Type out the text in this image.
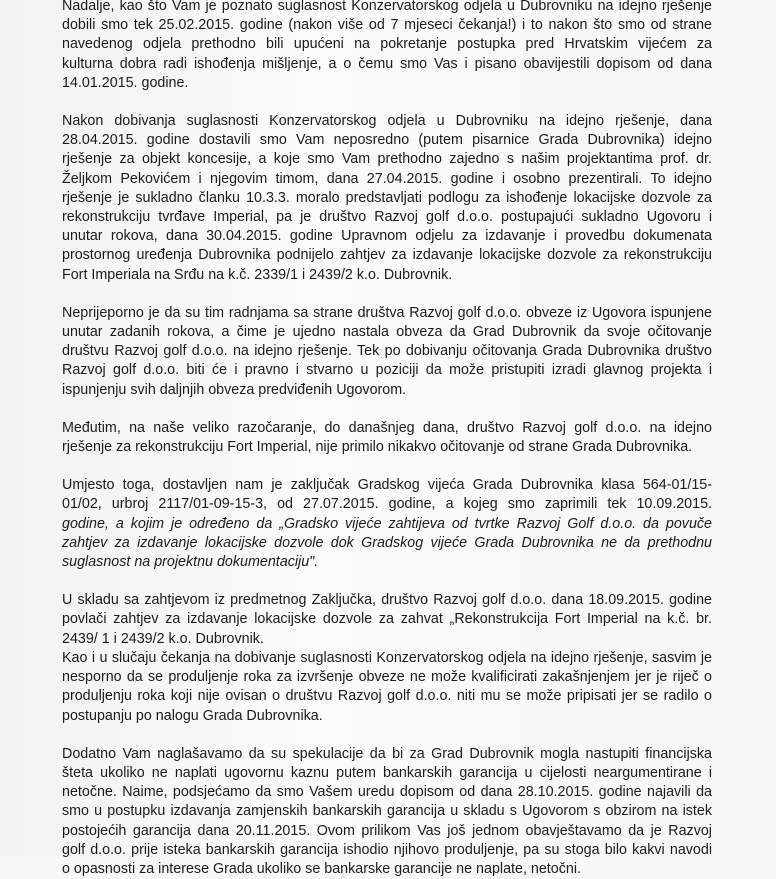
Nadalje, kao što Vam je poznato suglasnost Konzervatorskog odjela u Dubrovniku na idejno rješenje
dobili smo tek 25.02.2015. godine (nakon više od 7 mjeseci čekanja!) i to nakon što smo od strane
navedenog odjela prethodno bili upućeni na pokretanje postupka pred Hrvatskim vijećem za
kulturna dobra radi ishođenja mišljenje, a o čemu smo Vas i pisano obavijestili dopisom od dana
14.01.2015. godine.

Nakon dobivanja suglasnosti Konzervatorskog odjela u Dubrovniku na idejno rješenje, dana
28.04.2015. godine dostavili smo Vam neposredno (putem pisarnice Grada Dubrovnika) idejno
rješenje za objekt koncesije, a koje smo Vam prethodno zajedno s našim projektantima prof. dr.
Željkom Pekovićem i njegovim timom, dana 27.04.2015. godine i osobno prezentirali. To idejno
rješenje je sukladno članku 10.3.3. moralo predstavljati podlogu za ishođenje lokacijske dozvole za
rekonstrukciju tvrđave Imperial, pa je društvo Razvoj golf d.o.o. postupajući sukladno Ugovoru i
unutar rokova, dana 30.04.2015. godine Upravnom odjelu za izdavanje i provedbu dokumenata
prostornog uređenja Dubrovnika podnijelo zahtjev za izdavanje lokacijske dozvole za rekonstrukciju
Fort Imperiala na Srđu na k.č. 2339/1 i 2439/2 k.o. Dubrovnik.

Neprijeporno je da su tim radnjama sa strane društva Razvoj golf d.o.o. obveze iz Ugovora ispunjene
unutar zadanih rokova, a čime je ujedno nastala obveza da Grad Dubrovnik da svoje očitovanje
društvu Razvoj golf d.o.o. na idejno rješenje. Tek po dobivanju očitovanja Grada Dubrovnika društvo
Razvoj golf d.o.o. biti će i pravno i stvarno u poziciji da može pristupiti izradi glavnog projekta i
ispunjenju svih daljnjih obveza predviđenih Ugovorom.

Međutim, na naše veliko razočaranje, do današnjeg dana, društvo Razvoj golf d.o.o. na idejno
rješenje za rekonstrukciju Fort Imperial, nije primilo nikakvo očitovanje od strane Grada Dubrovnika.

Umjesto toga, dostavljen nam je zaključak Gradskog vijeća Grada Dubrovnika klasa 564-01/15-
01/02, urbroj 2117/01-09-15-3, od 27.07.2015. godine, a kojeg smo zaprimili tek 10.09.2015.
godine, a kojim je određeno da „Gradsko vijeće zahtijeva od tvrtke Razvoj Golf d.o.o. da povuče
zahtjev za izdavanje lokacijske dozvole dok Gradskog vijeće Grada Dubrovnika ne da prethodnu
suglasnost na projektnu dokumentaciju".

U skladu sa zahtjevom iz predmetnog Zaključka, društvo Razvoj golf d.o.o. dana 18.09.2015. godine
povlači zahtjev za izdavanje lokacijske dozvole za zahvat „Rekonstrukcija Fort Imperial na k.č. br.
2439/ 1 i 2439/2 k.o. Dubrovnik.
Kao i u slučaju čekanja na dobivanje suglasnosti Konzervatorskog odjela na idejno rješenje, sasvim je
nesporno da se produljenje roka za izvršenje obveze ne može kvalificirati zakašnjenjem jer je riječ o
produljenju roka koji nije ovisan o društvu Razvoj golf d.o.o. niti mu se može pripisati jer se radilo o
postupanju po nalogu Grada Dubrovnika.

Dodatno Vam naglašavamo da su spekulacije da bi za Grad Dubrovnik mogla nastupiti financijska
šteta ukoliko ne naplati ugovornu kaznu putem bankarskih garancija u cijelosti neargumentirane i
netočne. Naime, podsjećamo da smo Vašem uredu dopisom od dana 28.10.2015. godine najavili da
smo u postupku izdavanja zamjenskih bankarskih garancija u skladu s Ugovorom s obzirom na istek
postojećih garancija dana 20.11.2015. Ovom prilikom Vas još jednom obavještavamo da je Razvoj
golf d.o.o. prije isteka bankarskih garancija ishodio njihovo produljenje, pa su stoga bilo kakvi navodi
o opasnosti za interese Grada ukoliko se bankarske garancije ne naplate, netočni.
